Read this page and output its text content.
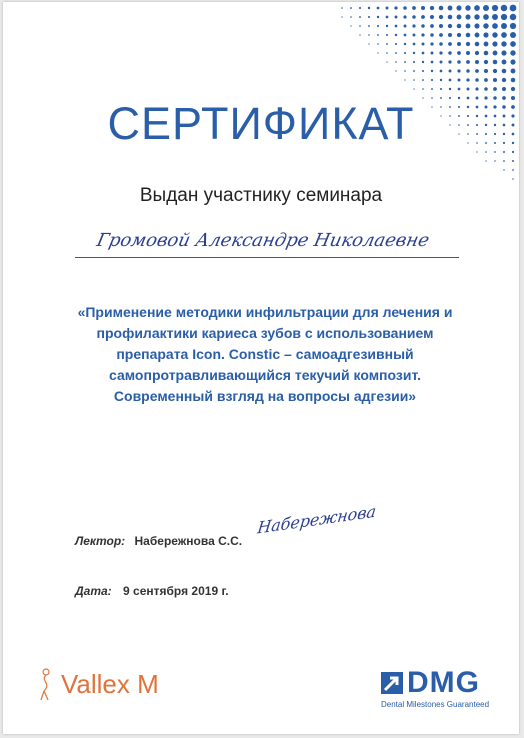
СЕРТИФИКАТ
Выдан участнику семинара
Громовой Александре Николаевне
«Применение методики инфильтрации для лечения и профилактики кариеса зубов с использованием препарата Icon. Constic – самоадгезивный самопротравливающийся текучий композит. Современный взгляд на вопросы адгезии»
Лектор: Набережнова С.С.
Набережнова
Дата: 9 сентября 2019 г.
Vallex M	DMG
Dental Milestones Guaranteed
